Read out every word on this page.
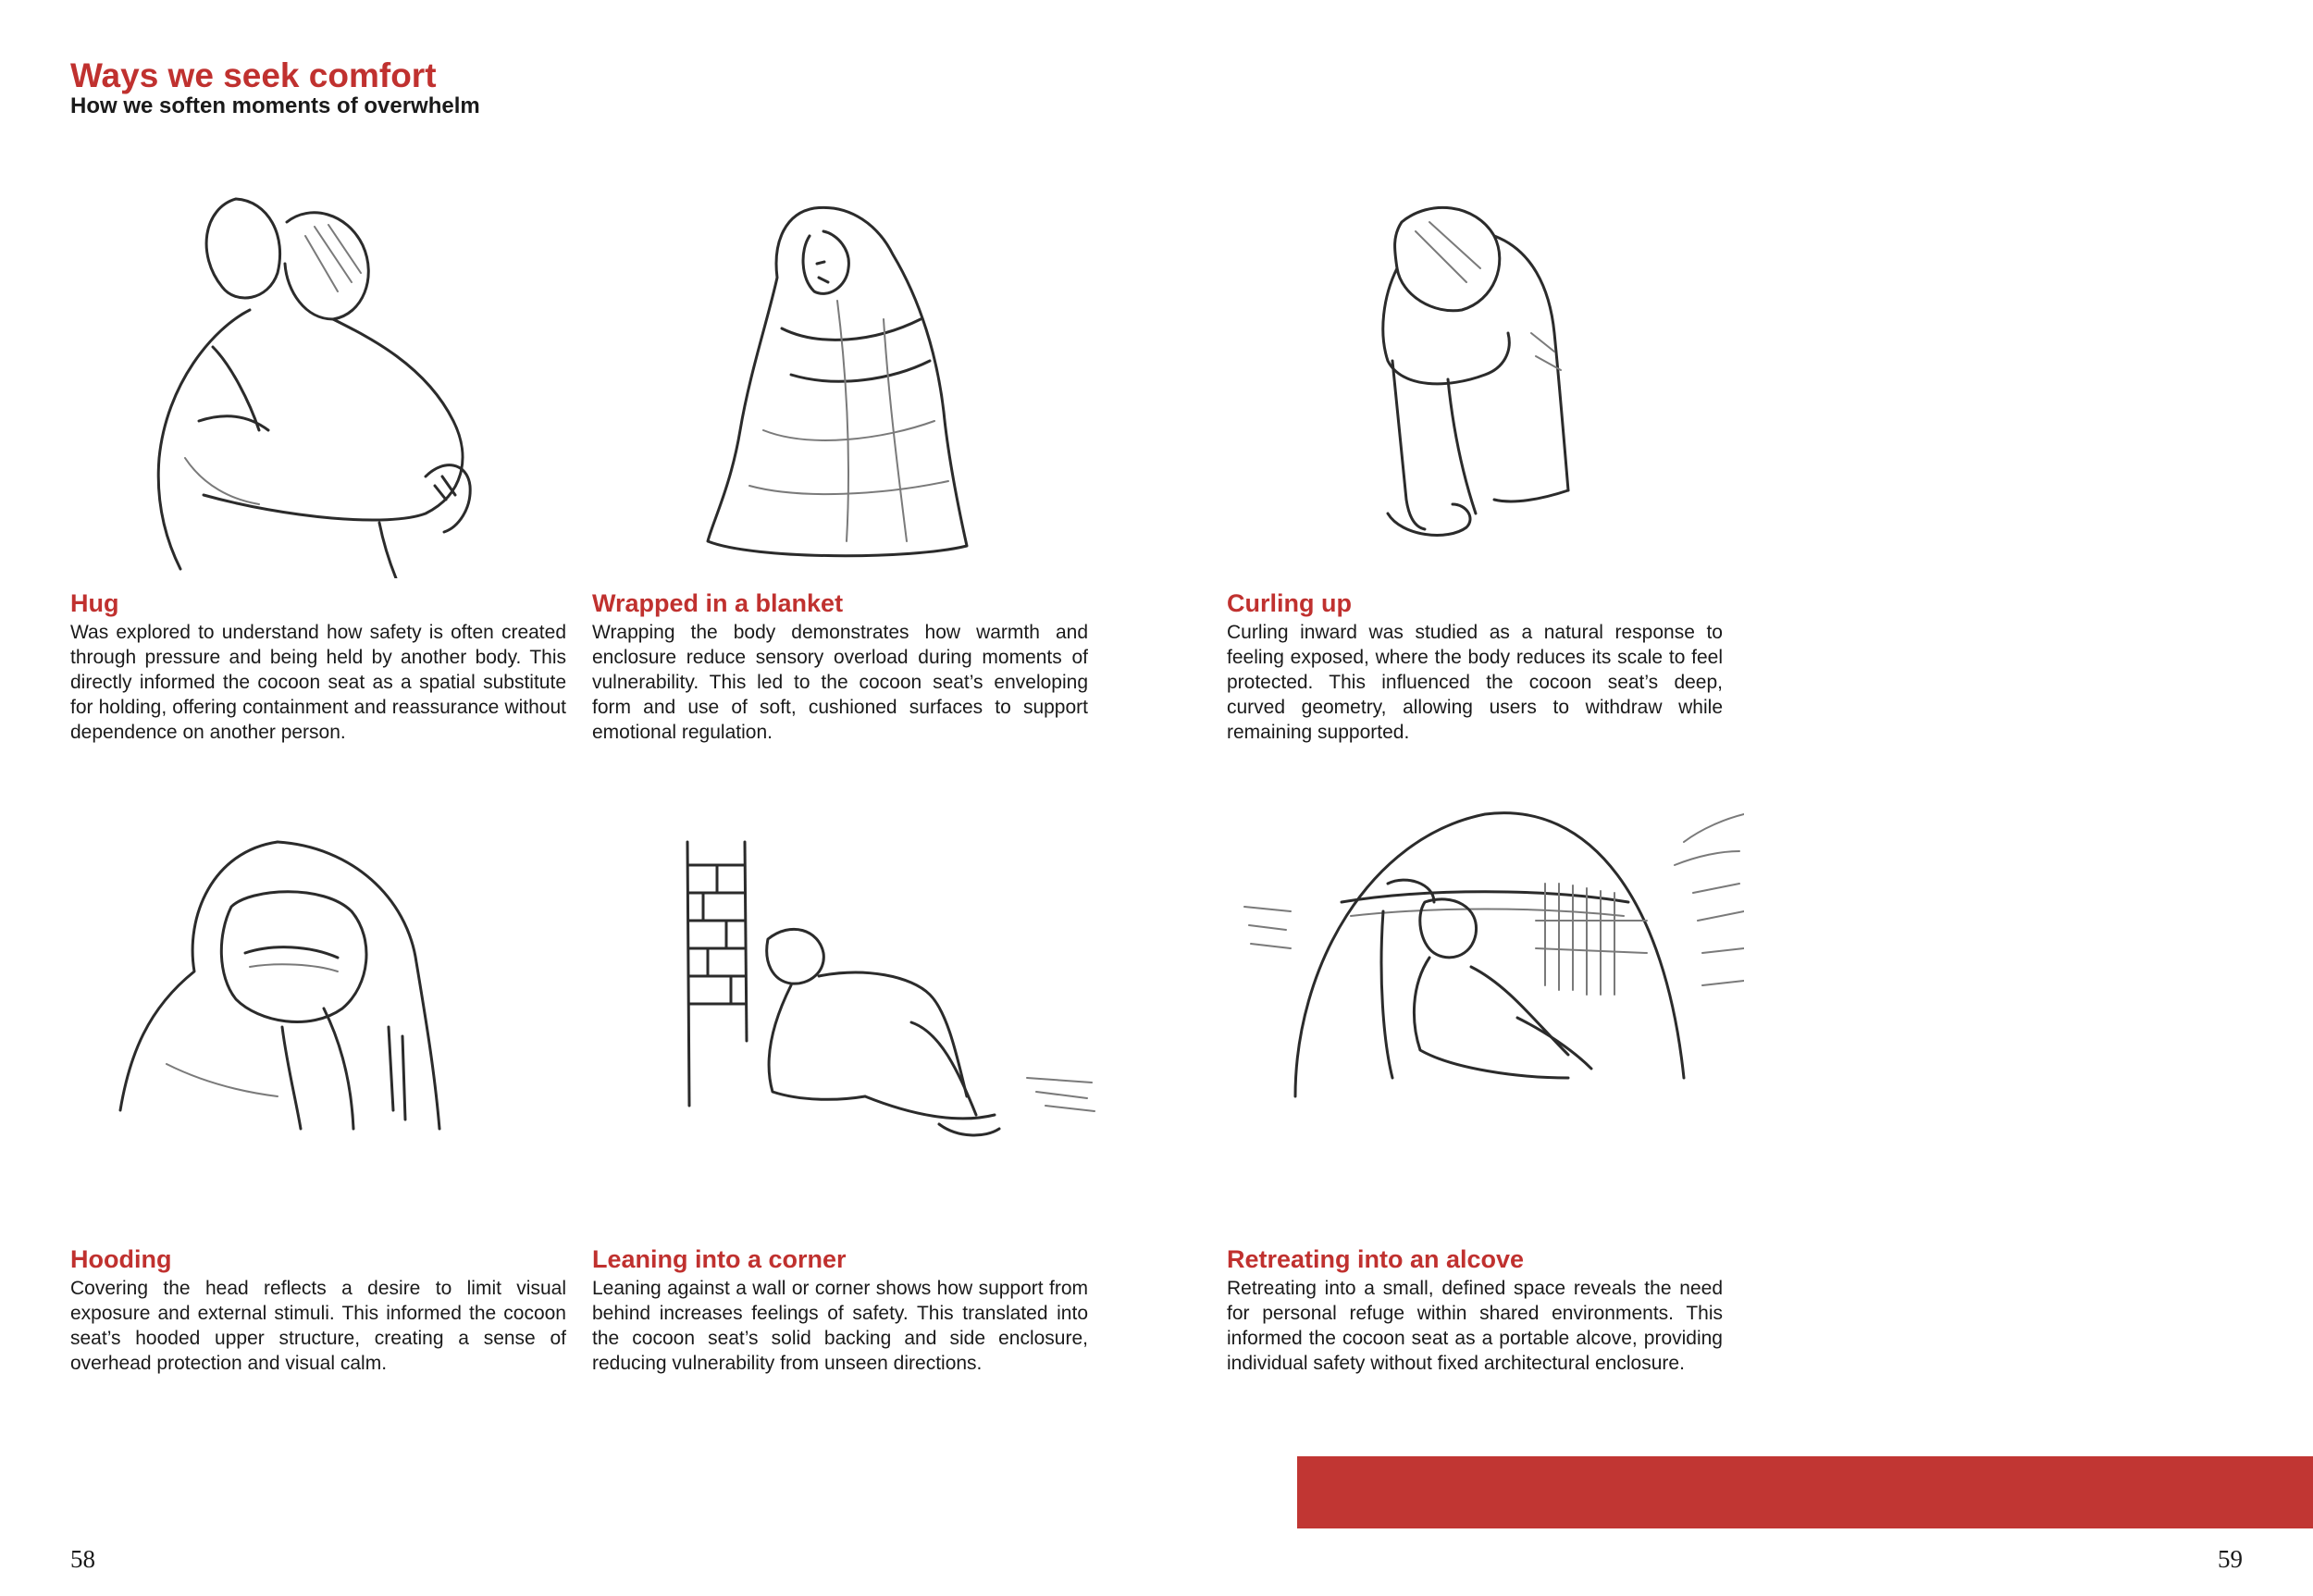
Ways we seek comfort
How we soften moments of overwhelm
Hug

Was explored to understand how safety is often created through pressure and being held by another body. This directly informed the cocoon seat as a spatial substitute for holding, offering containment and reassurance without dependence on another person.

Wrapped in a blanket

Wrapping the body demonstrates how warmth and enclosure reduce sensory overload during moments of vulnerability. This led to the cocoon seat’s enveloping form and use of soft, cushioned surfaces to support emotional regulation.

Curling up

Curling inward was studied as a natural response to feeling exposed, where the body reduces its scale to feel protected. This influenced the cocoon seat’s deep, curved geometry, allowing users to withdraw while remaining supported.

Hooding

Covering the head reflects a desire to limit visual exposure and external stimuli. This informed the cocoon seat’s hooded upper structure, creating a sense of overhead protection and visual calm.

Leaning into a corner

Leaning against a wall or corner shows how support from behind increases feelings of safety. This translated into the cocoon seat’s solid backing and side enclosure, reducing vulnerability from unseen directions.

Retreating into an alcove

Retreating into a small, defined space reveals the need for personal refuge within shared environments. This informed the cocoon seat as a portable alcove, providing individual safety without fixed architectural enclosure.

58	59
